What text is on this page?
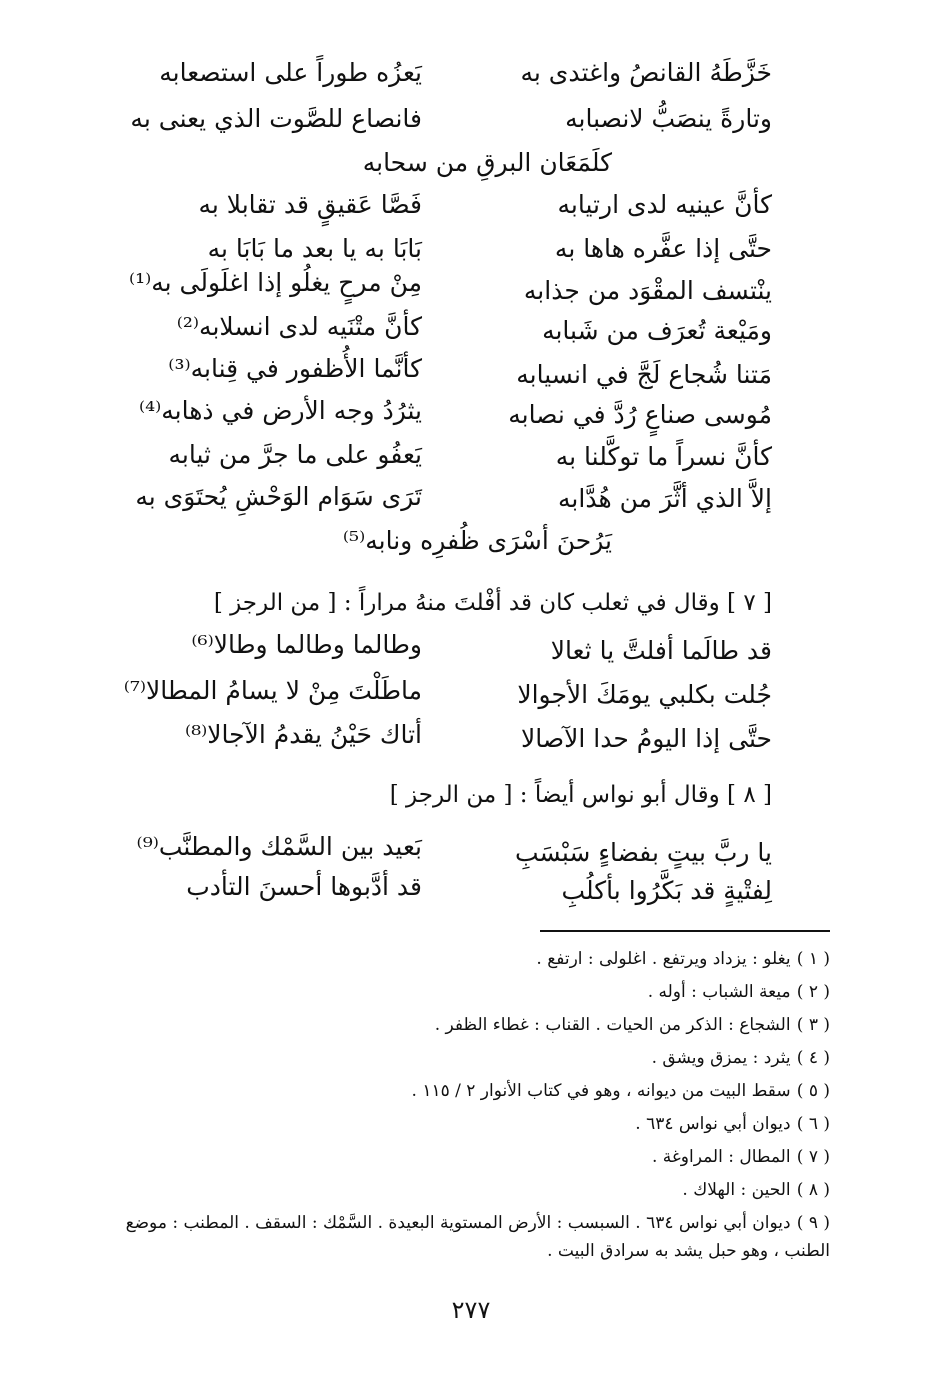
خَزَّطَهُ القانصُ واغتدى به
يَعزُه طوراً على استصعابه
وتارةً ينصَبُّ لانصبابه
فانصاع للصَّوت الذي يعنى به
كلَمَعَان البرقِ من سحابه
كأنَّ عينيه لدى ارتيابه
فَصَّا عَقيقٍ قد تقابلا به
حتَّى إذا عفَّره هاها به
بَابَا به يا بعد ما بَابَا به
ينْتسف المقْوَد من جذابه
مِنْ مرحٍ يغلُو إذا اغلَولَى به⁽¹⁾
ومَيْعة تُعرَف من شَبابه
كأنَّ متْنَيه لدى انسلابه⁽²⁾
مَتنا شُجاع لَجَّ في انسيابه
كأنَّما الأُظفور في قِنابه⁽³⁾
مُوسى صناعٍ رُدَّ في نصابه
يثرُدُ وجه الأرض في ذهابه⁽⁴⁾
كأنَّ نسراً ما توكَّلنا به
يَعفُو على ما جرَّ من ثيابه
إلاَّ الذي أثَّرَ من هُدَّابه
تَرَى سَوَام الوَحْشِ يُحتَوَى به
يَرُحنَ أسْرَى ظُفرِه ونابه⁽⁵⁾
[ ٧ ] وقال في ثعلب كان قد أفْلتَ منهُ مراراً : [ من الرجز ]
قد طالَما أفلتَّ يا ثعالا
وطالما وطالما وطالا⁽⁶⁾
جُلت بكلبي يومَكَ الأجوالا
ماطَلْتَ مِنْ لا يسامُ المطالا⁽⁷⁾
حتَّى إذا اليومُ حدا الآصالا
أتاك حَيْنُ يقدمُ الآجالا⁽⁸⁾
[ ٨ ] وقال أبو نواس أيضاً : [ من الرجز ]
يا ربَّ بيتٍ بفضاءٍ سَبْسَبِ
بَعيد بين السَّمْك والمطنَّب⁽⁹⁾
لِفتْيةٍ قد بَكَّرُوا بأكلُبِ
قد أدَّبوها أحسنَ التأدب
( ١ ) يغلو : يزداد ويرتفع . اغلولى : ارتفع .
( ٢ ) ميعة الشباب : أوله .
( ٣ ) الشجاع : الذكر من الحيات . القناب : غطاء الظفر .
( ٤ ) يثرد : يمزق ويشق .
( ٥ ) سقط البيت من ديوانه ، وهو في كتاب الأنوار ٢ / ١١٥ .
( ٦ ) ديوان أبي نواس ٦٣٤ .
( ٧ ) المطال : المراوغة .
( ٨ ) الحين : الهلاك .
( ٩ ) ديوان أبي نواس ٦٣٤ . السبسب : الأرض المستوية البعيدة . السَّمْك : السقف . المطنب : موضع الطنب ، وهو حبل يشد به سرادق البيت .
٢٧٧
